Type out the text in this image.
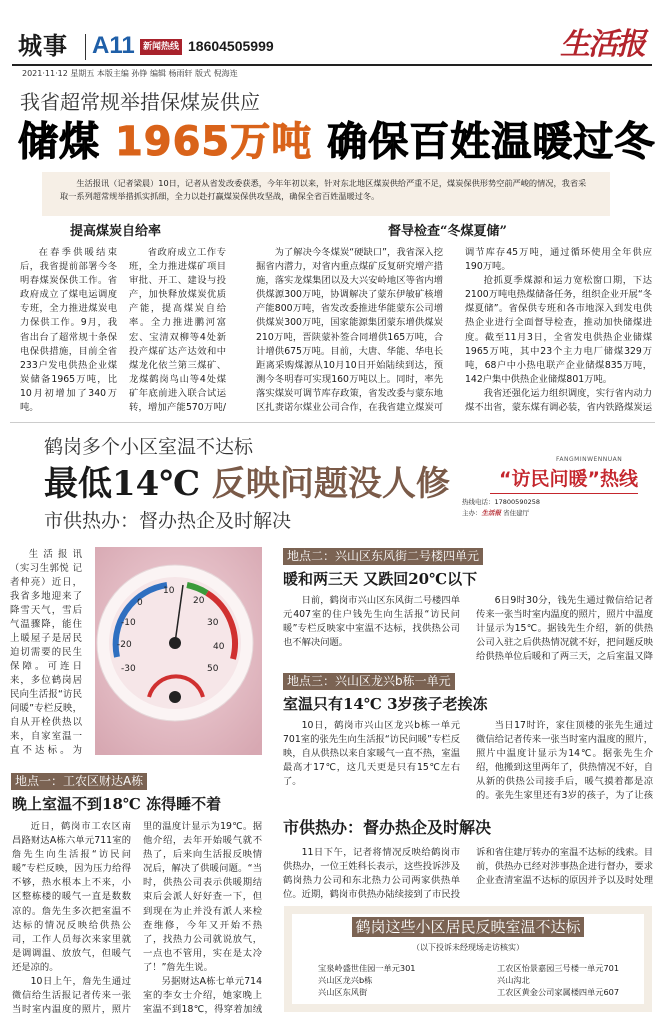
城事 A11 新闻热线 18604505999	生活报
2021·11·12 星期五 本版主编 孙铮 编辑 杨雨轩 版式 倪海连
我省超常规举措保煤炭供应
储煤 1965万吨 确保百姓温暖过冬
生活报讯（记者梁晨）10日，记者从省发改委获悉，今年年初以来，针对东北地区煤炭供给严重不足，煤炭保供形势空前严峻的情况，我省采取一系列超常规举措抓实抓细，全力以赴打赢煤炭保供攻坚战，确保全省百姓温暖过冬。
提高煤炭自给率	督导检查“冬煤夏储”

在春季供暖结束后，我省提前部署今冬明春煤炭保供工作。省政府成立了煤电运调度专班，全力推进煤炭电力保供工作。9月，我省出台了超常规十条保电保供措施，目前全省233户发电供热企业煤炭储备1965万吨，比10月初增加了340万吨。

省政府成立工作专班，全力推进煤矿项目审批、开工、建设与投产，加快释放煤炭优质产能，提高煤炭自给率。全力推进鹏河富宏、宝清双柳等4处新投产煤矿达产达效和中煤龙化依兰第三煤矿、龙煤鹤岗鸟山等4处煤矿年底前进入联合试运转，增加产能570万吨/

为了解决今冬煤炭“硬缺口”，我省深入挖掘省内潜力，对省内重点煤矿反复研究增产措施，落实龙煤集团以及大兴安岭地区等省内增供煤源300万吨，协调解决了蒙东伊敏矿核增产能800万吨，省发改委推进华能蒙东公司增供煤炭300万吨，国家能源集团蒙东增供煤炭210万吨，晋陕蒙补签合同增供165万吨，合计增供675万吨。目前，大唐、华能、华电长距离采购煤源从10月10日开始陆续到达，预测今冬明春可实现160万吨以上。同时，率先落实煤炭可调节库存政策，省发改委与蒙东地区扎赉诺尔煤业公司合作，在我省建立煤炭可调节库存45万吨，通过循环使用全年供应190万吨。

抢抓夏季煤源和运力宽松窗口期，下达2100万吨电热煤储备任务，组织企业开展“冬煤夏储”。省保供专班和各市地深入到发电供热企业进行全面督导检查，推动加快储煤进度。截至11月3日，全省发电供热企业储煤1965万吨，其中23个主力电厂储煤329万吨，68户中小热电联产企业储煤835万吨，142户集中供热企业储煤801万吨。

我省还强化运力组织调度，实行省内动力煤不出省，蒙东煤有调必装，省内铁路煤炭运

鹤岗多个小区室温不达标
最低14℃ 反映问题没人修
市供热办：督办热企及时解决
FANGMINWENNUAN
“访民问暖”热线
热线电话：17800590258
主办：生活报 省住建厅

生活报讯（实习生郭悦 记者仲亮）近日，我省多地迎来了降雪天气，雪后气温骤降，能住上暖屋子是居民迫切需要的民生保障。可连日来，多位鹤岗居民向生活报“访民问暖”专栏反映，自从开栓供热以来，自家室温一直不达标。为

0
10
20
30
40
50
-10
-20
-30
地点二：兴山区东风街二号楼四单元
暖和两三天 又跌回20℃以下

日前，鹤岗市兴山区东风街二号楼四单元407室的住户钱先生向生活报“访民问暖”专栏反映家中室温不达标，找供热公司也不解决问题。

6日9时30分，钱先生通过微信给记者传来一张当时室内温度的照片，照片中温度计显示为15℃。据钱先生介绍，新的供热公司入驻之后供热情况就不好，把问题反映给供热单位后暖和了两三天，之后室温又降

地点三：兴山区龙兴b栋一单元
室温只有14℃ 3岁孩子老挨冻

10日，鹤岗市兴山区龙兴b栋一单元701室的张先生向生活报“访民问暖”专栏反映，自从供热以来自家暖气一直不热，室温最高才17℃，这几天更是只有15℃左右了。

当日17时许，家住顶楼的张先生通过微信给记者传来一张当时室内温度的照片，照片中温度计显示为14℃。据张先生介绍，他搬到这里两年了，供热情况不好，自从新的供热公司接手后，暖气摸着都是凉的。张先生家里还有3岁的孩子，为了让孩

地点一：工农区财达A栋
晚上室温不到18℃ 冻得睡不着

近日，鹤岗市工农区南昌路财达A栋六单元711室的詹先生向生活报“访民问暖”专栏反映，因为压力给得不够，热水根本上不来，小区整栋楼的暖气一直是数数凉的。詹先生多次把室温不达标的情况反映给供热公司，工作人员每次来家里就是调调温、放放气，但暖气还是凉的。

10日上午，詹先生通过微信给生活报记者传来一张当时室内温度的照片，照片里的温度计显示为19℃。据他介绍，去年开始暖气就不热了，后来向生活报反映情况后，解决了供暖问题。“当时，供热公司表示供暖期结束后会派人好好查一下，但到现在为止并没有派人来检查维修，今年又开始不热了，找热力公司就说放气，一点也不管用，实在是太冷了！”詹先生说。

另据财达A栋七单元714室的李女士介绍，她家晚上室温不到18℃，得穿着加绒

市供热办：督办热企及时解决

11日下午，记者将情况反映给鹤岗市供热办，一位王姓科长表示，这些投诉涉及鹤岗热力公司和东北热力公司两家供热单位。近期，鹤岗市供热办陆续接到了市民投诉和省住建厅转办的室温不达标的线索。目前，供热办已经对涉事热企进行督办，要求企业查清室温不达标的原因并予以及时处理

鹤岗这些小区居民反映室温不达标
（以下投诉未经现场走访核实）
宝泉岭盛世佳园一单元301
兴山区龙兴b栋
兴山区东风街
工农区怡景嘉园三号楼一单元701
兴山沟北
工农区黄金公司家属楼四单元607
